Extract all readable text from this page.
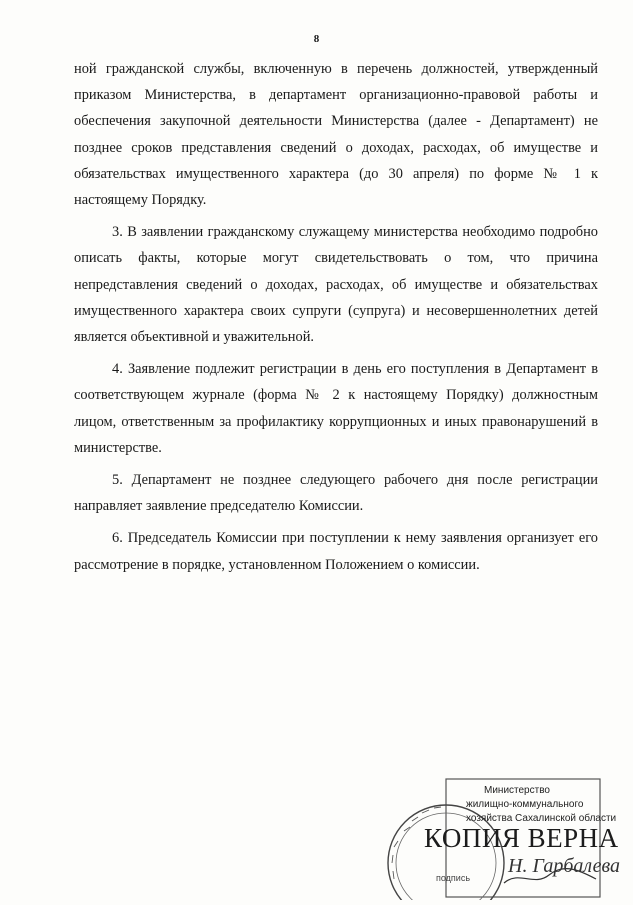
8

ной гражданской службы, включенную в перечень должностей, утвержденный приказом Министерства, в департамент организационно-правовой работы и обеспечения закупочной деятельности Министерства (далее - Департамент) не позднее сроков представления сведений о доходах, расходах, об имуществе и обязательствах имущественного характера (до 30 апреля) по форме № 1 к настоящему Порядку.

3. В заявлении гражданскому служащему министерства необходимо подробно описать факты, которые могут свидетельствовать о том, что причина непредставления сведений о доходах, расходах, об имуществе и обязательствах имущественного характера своих супруги (супруга) и несовершеннолетних детей является объективной и уважительной.

4. Заявление подлежит регистрации в день его поступления в Департамент в соответствующем журнале (форма № 2 к настоящему Порядку) должностным лицом, ответственным за профилактику коррупционных и иных правонарушений в министерстве.

5. Департамент не позднее следующего рабочего дня после регистрации направляет заявление председателю Комиссии.

6. Председатель Комиссии при поступлении к нему заявления организует его рассмотрение в порядке, установленном Положением о комиссии.

Министерство
жилищно-коммунального
хозяйства Сахалинской области
КОПИЯ ВЕРНА
Н. Гарбалева
подпись
